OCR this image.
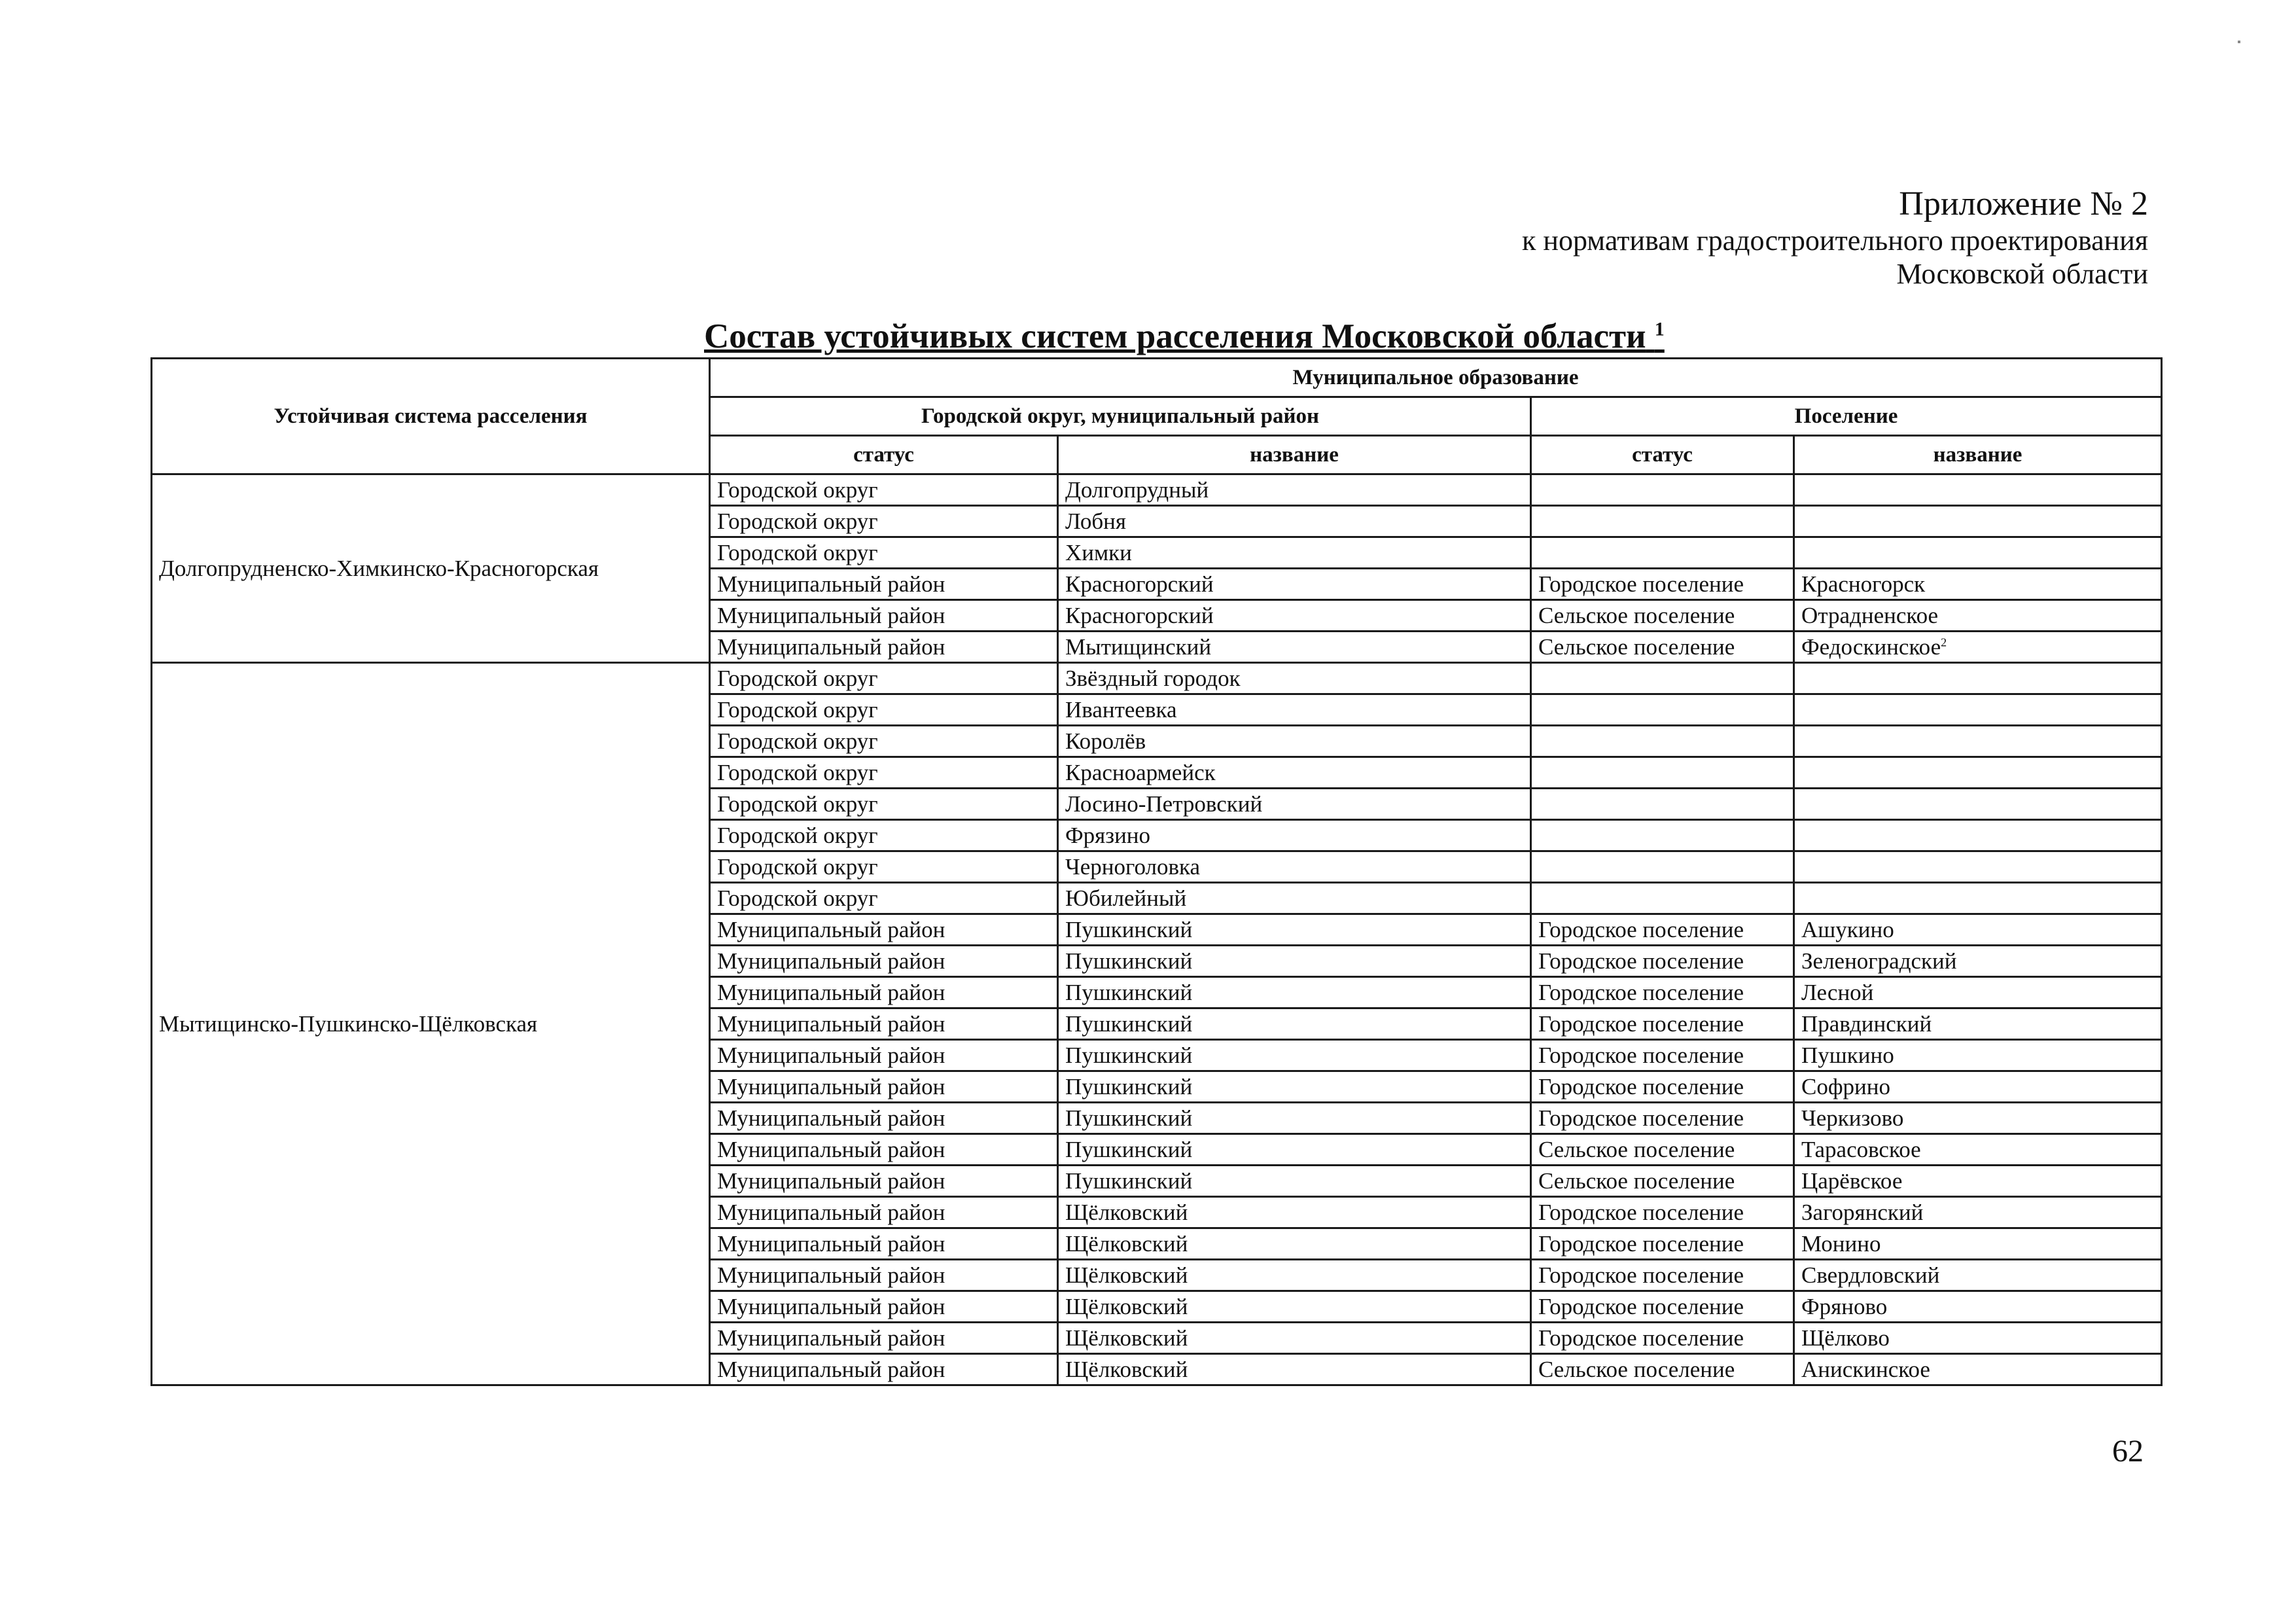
Приложение № 2
к нормативам градостроительного проектирования
Московской области
Состав устойчивых систем расселения Московской области $^1$
Устойчивая система расселения	Муниципальное образование			
	Городской округ, муниципальный район		Поселение	
	статус	название	статус	название
Долгопрудненско-Химкинско-Красногорская	Городской округ	Долгопрудный		
	Городской округ	Лобня		
	Городской округ	Химки		
	Муниципальный район	Красногорский	Городское поселение	Красногорск
	Муниципальный район	Красногорский	Сельское поселение	Отрадненское
	Муниципальный район	Мытищинский	Сельское поселение	Федоскинское$^2$
Мытищинско-Пушкинско-Щёлковская	Городской округ	Звёздный городок		
	Городской округ	Ивантеевка		
	Городской округ	Королёв		
	Городской округ	Красноармейск		
	Городской округ	Лосино-Петровский		
	Городской округ	Фрязино		
	Городской округ	Черноголовка		
	Городской округ	Юбилейный		
	Муниципальный район	Пушкинский	Городское поселение	Ашукино
	Муниципальный район	Пушкинский	Городское поселение	Зеленоградский
	Муниципальный район	Пушкинский	Городское поселение	Лесной
	Муниципальный район	Пушкинский	Городское поселение	Правдинский
	Муниципальный район	Пушкинский	Городское поселение	Пушкино
	Муниципальный район	Пушкинский	Городское поселение	Софрино
	Муниципальный район	Пушкинский	Городское поселение	Черкизово
	Муниципальный район	Пушкинский	Сельское поселение	Тарасовское
	Муниципальный район	Пушкинский	Сельское поселение	Царёвское
	Муниципальный район	Щёлковский	Городское поселение	Загорянский
	Муниципальный район	Щёлковский	Городское поселение	Монино
	Муниципальный район	Щёлковский	Городское поселение	Свердловский
	Муниципальный район	Щёлковский	Городское поселение	Фряново
	Муниципальный район	Щёлковский	Городское поселение	Щёлково
	Муниципальный район	Щёлковский	Сельское поселение	Анискинское
62
